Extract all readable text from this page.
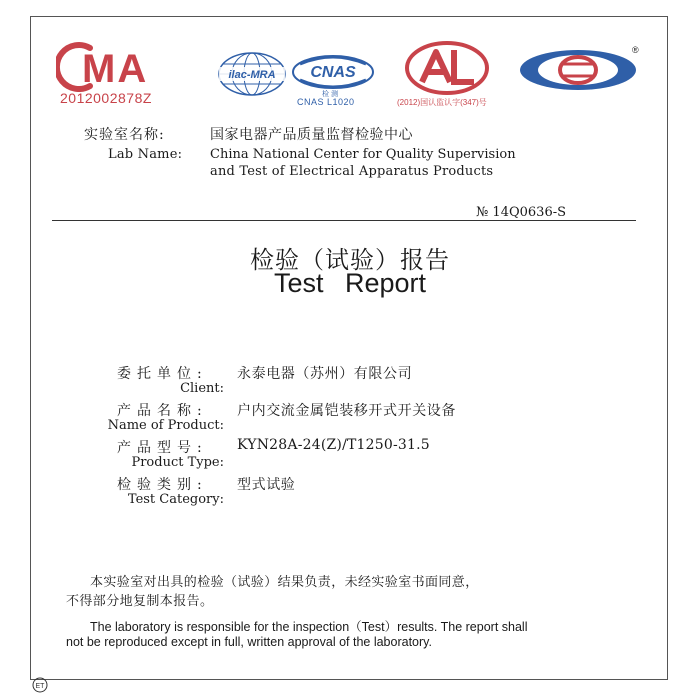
MA
2012002878Z
ilac-MRA CNAS
检 测
CNAS L1020	(2012)国认监认字(347)号
®
实验室名称:	国家电器产品质量监督检验中心
Lab Name: China National Center for Quality Supervision
and Test of Electrical Apparatus Products
№ 14Q0636-S
检验（试验）报告
Test Report
委托单位: 永泰电器（苏州）有限公司
Client:
产品名称: 户内交流金属铠装移开式开关设备
Name of Product:
产品型号: KYN28A-24(Z)/T1250-31.5
Product Type:
检验类别: 型式试验
Test Category:
本实验室对出具的检验（试验）结果负责，未经实验室书面同意，
不得部分地复制本报告。
The laboratory is responsible for the inspection（Test）results. The report shall
not be reproduced except in full, written approval of the laboratory.
ET
